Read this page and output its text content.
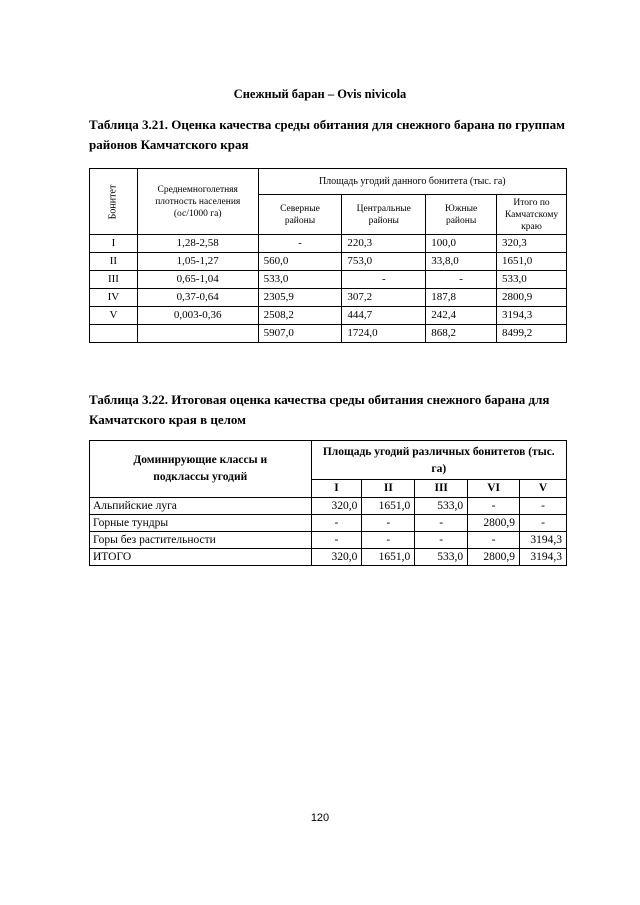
Снежный баран – Ovis nivicola
Таблица 3.21. Оценка качества среды обитания для снежного барана по группам
районов Камчатского края
Бонитет	Среднемноголетняя плотность населения (ос/1000 га)	Площадь угодий данного бонитета (тыс. га)			
		Северные районы	Центральные районы	Южные районы	Итого по Камчатскому краю
I	1,28-2,58	-	220,3	100,0	320,3
II	1,05-1,27	560,0	753,0	33,8,0	1651,0
III	0,65-1,04	533,0	-	-	533,0
IV	0,37-0,64	2305,9	307,2	187,8	2800,9
V	0,003-0,36	2508,2	444,7	242,4	3194,3
		5907,0	1724,0	868,2	8499,2
Таблица 3.22. Итоговая оценка качества среды обитания снежного барана для
Камчатского края в целом
Доминирующие классы и подклассы угодий	Площадь угодий различных бонитетов (тыс. га)				
	I	II	III	VI	V
Альпийские луга	320,0	1651,0	533,0	-	-
Горные тундры	-	-	-	2800,9	-
Горы без растительности	-	-	-	-	3194,3
ИТОГО	320,0	1651,0	533,0	2800,9	3194,3
120
